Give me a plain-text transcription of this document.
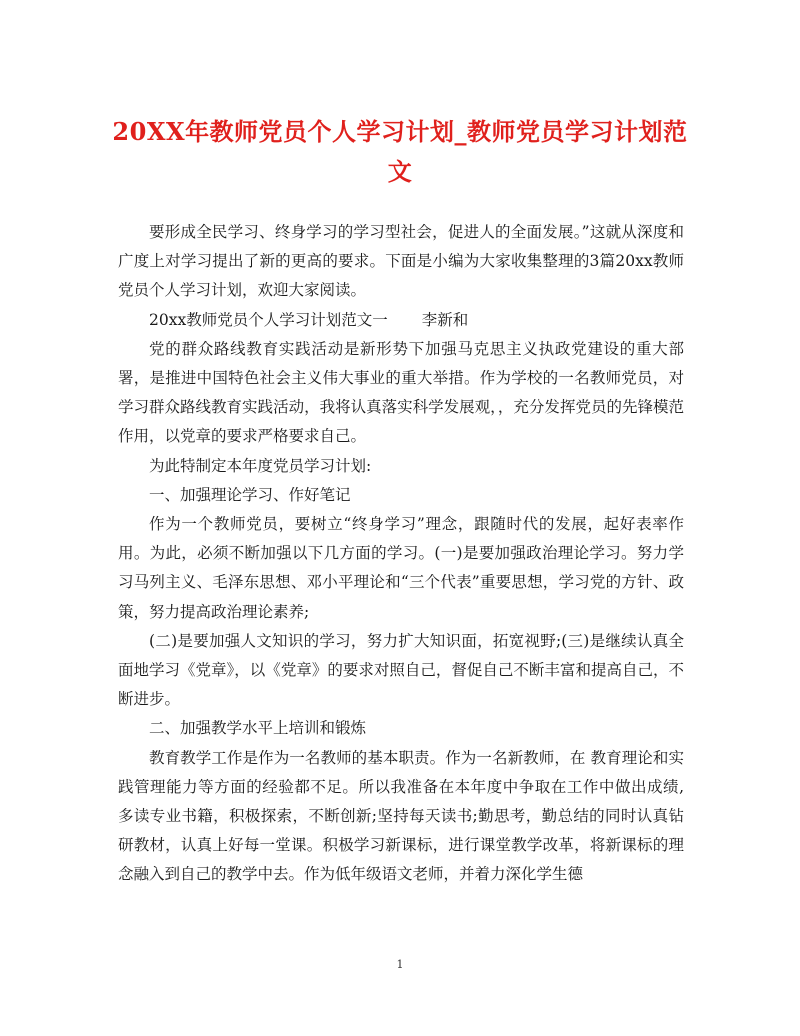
20XX年教师党员个人学习计划_教师党员学习计划范
文

要形成全民学习、终身学习的学习型社会，促进人的全面发展。”这就从深度和广度上对学习提出了新的更高的要求。下面是小编为大家收集整理的3篇20xx教师党员个人学习计划，欢迎大家阅读。

20xx教师党员个人学习计划范文一 李新和

党的群众路线教育实践活动是新形势下加强马克思主义执政党建设的重大部署，是推进中国特色社会主义伟大事业的重大举措。作为学校的一名教师党员，对学习群众路线教育实践活动，我将认真落实科学发展观，，充分发挥党员的先锋模范作用，以党章的要求严格要求自己。

为此特制定本年度党员学习计划:

一、加强理论学习、作好笔记

作为一个教师党员，要树立“终身学习”理念，跟随时代的发展，起好表率作用。为此，必须不断加强以下几方面的学习。(一)是要加强政治理论学习。努力学习马列主义、毛泽东思想、邓小平理论和“三个代表”重要思想，学习党的方针、政策，努力提高政治理论素养;

(二)是要加强人文知识的学习，努力扩大知识面，拓宽视野;(三)是继续认真全面地学习《党章》，以《党章》的要求对照自己，督促自己不断丰富和提高自己，不断进步。

二、加强教学水平上培训和锻炼

教育教学工作是作为一名教师的基本职责。作为一名新教师，在 教育理论和实践管理能力等方面的经验都不足。所以我准备在本年度中争取在工作中做出成绩, 多读专业书籍，积极探索，不断创新;坚持每天读书;勤思考，勤总结的同时认真钻研教材，认真上好每一堂课。积极学习新课标，进行课堂教学改革，将新课标的理念融入到自己的教学中去。作为低年级语文老师，并着力深化学生德

1
